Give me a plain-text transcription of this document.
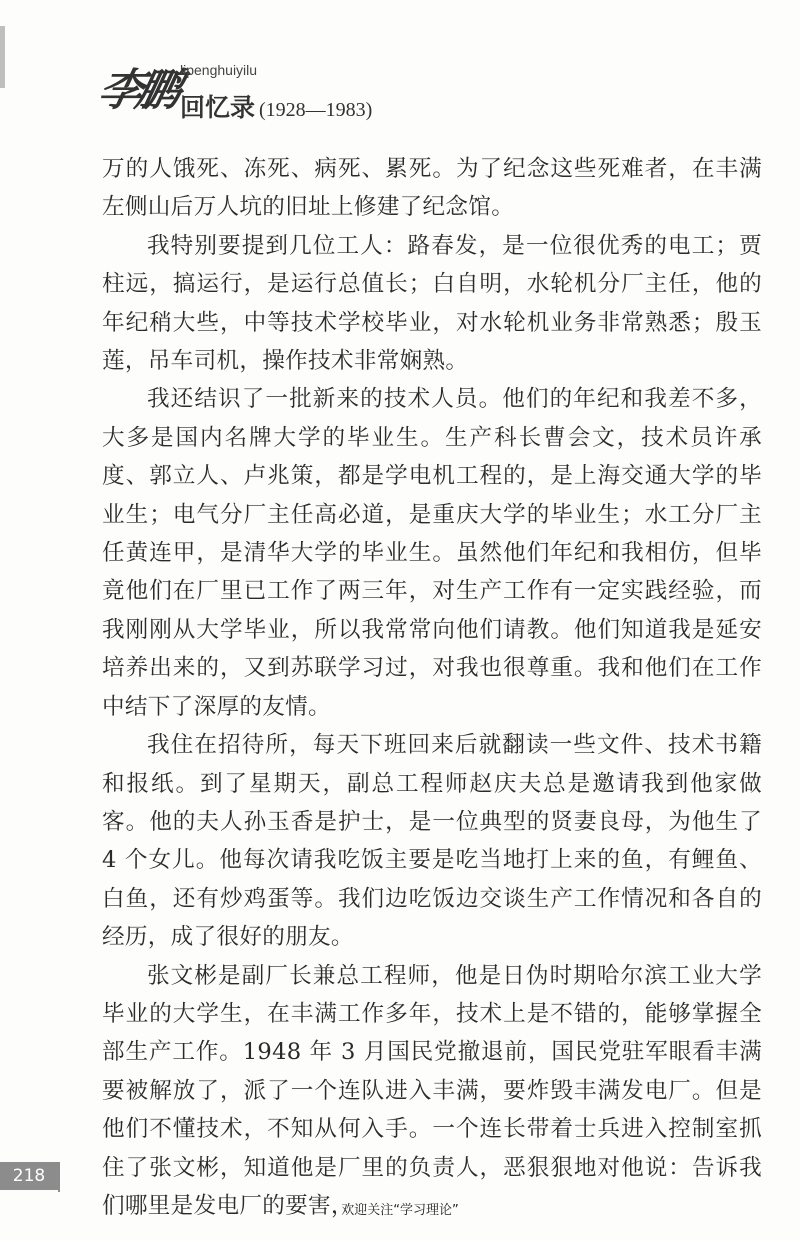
李鹏 lipenghuiyilu
回忆录 (1928—1983)

万的人饿死、冻死、病死、累死。为了纪念这些死难者，在丰满左侧山后万人坑的旧址上修建了纪念馆。

我特别要提到几位工人：路春发，是一位很优秀的电工；贾柱远，搞运行，是运行总值长；白自明，水轮机分厂主任，他的年纪稍大些，中等技术学校毕业，对水轮机业务非常熟悉；殷玉莲，吊车司机，操作技术非常娴熟。

我还结识了一批新来的技术人员。他们的年纪和我差不多，大多是国内名牌大学的毕业生。生产科长曹会文，技术员许承度、郭立人、卢兆策，都是学电机工程的，是上海交通大学的毕业生；电气分厂主任高必道，是重庆大学的毕业生；水工分厂主任黄连甲，是清华大学的毕业生。虽然他们年纪和我相仿，但毕竟他们在厂里已工作了两三年，对生产工作有一定实践经验，而我刚刚从大学毕业，所以我常常向他们请教。他们知道我是延安培养出来的，又到苏联学习过，对我也很尊重。我和他们在工作中结下了深厚的友情。

我住在招待所，每天下班回来后就翻读一些文件、技术书籍和报纸。到了星期天，副总工程师赵庆夫总是邀请我到他家做客。他的夫人孙玉香是护士，是一位典型的贤妻良母，为他生了 4 个女儿。他每次请我吃饭主要是吃当地打上来的鱼，有鲤鱼、白鱼，还有炒鸡蛋等。我们边吃饭边交谈生产工作情况和各自的经历，成了很好的朋友。

张文彬是副厂长兼总工程师，他是日伪时期哈尔滨工业大学毕业的大学生，在丰满工作多年，技术上是不错的，能够掌握全部生产工作。1948 年 3 月国民党撤退前，国民党驻军眼看丰满要被解放了，派了一个连队进入丰满，要炸毁丰满发电厂。但是他们不懂技术，不知从何入手。一个连长带着士兵进入控制室抓住了张文彬，知道他是厂里的负责人，恶狠狠地对他说：告诉我们哪里是发电厂的要害，

218
欢迎关注“学习理论”
